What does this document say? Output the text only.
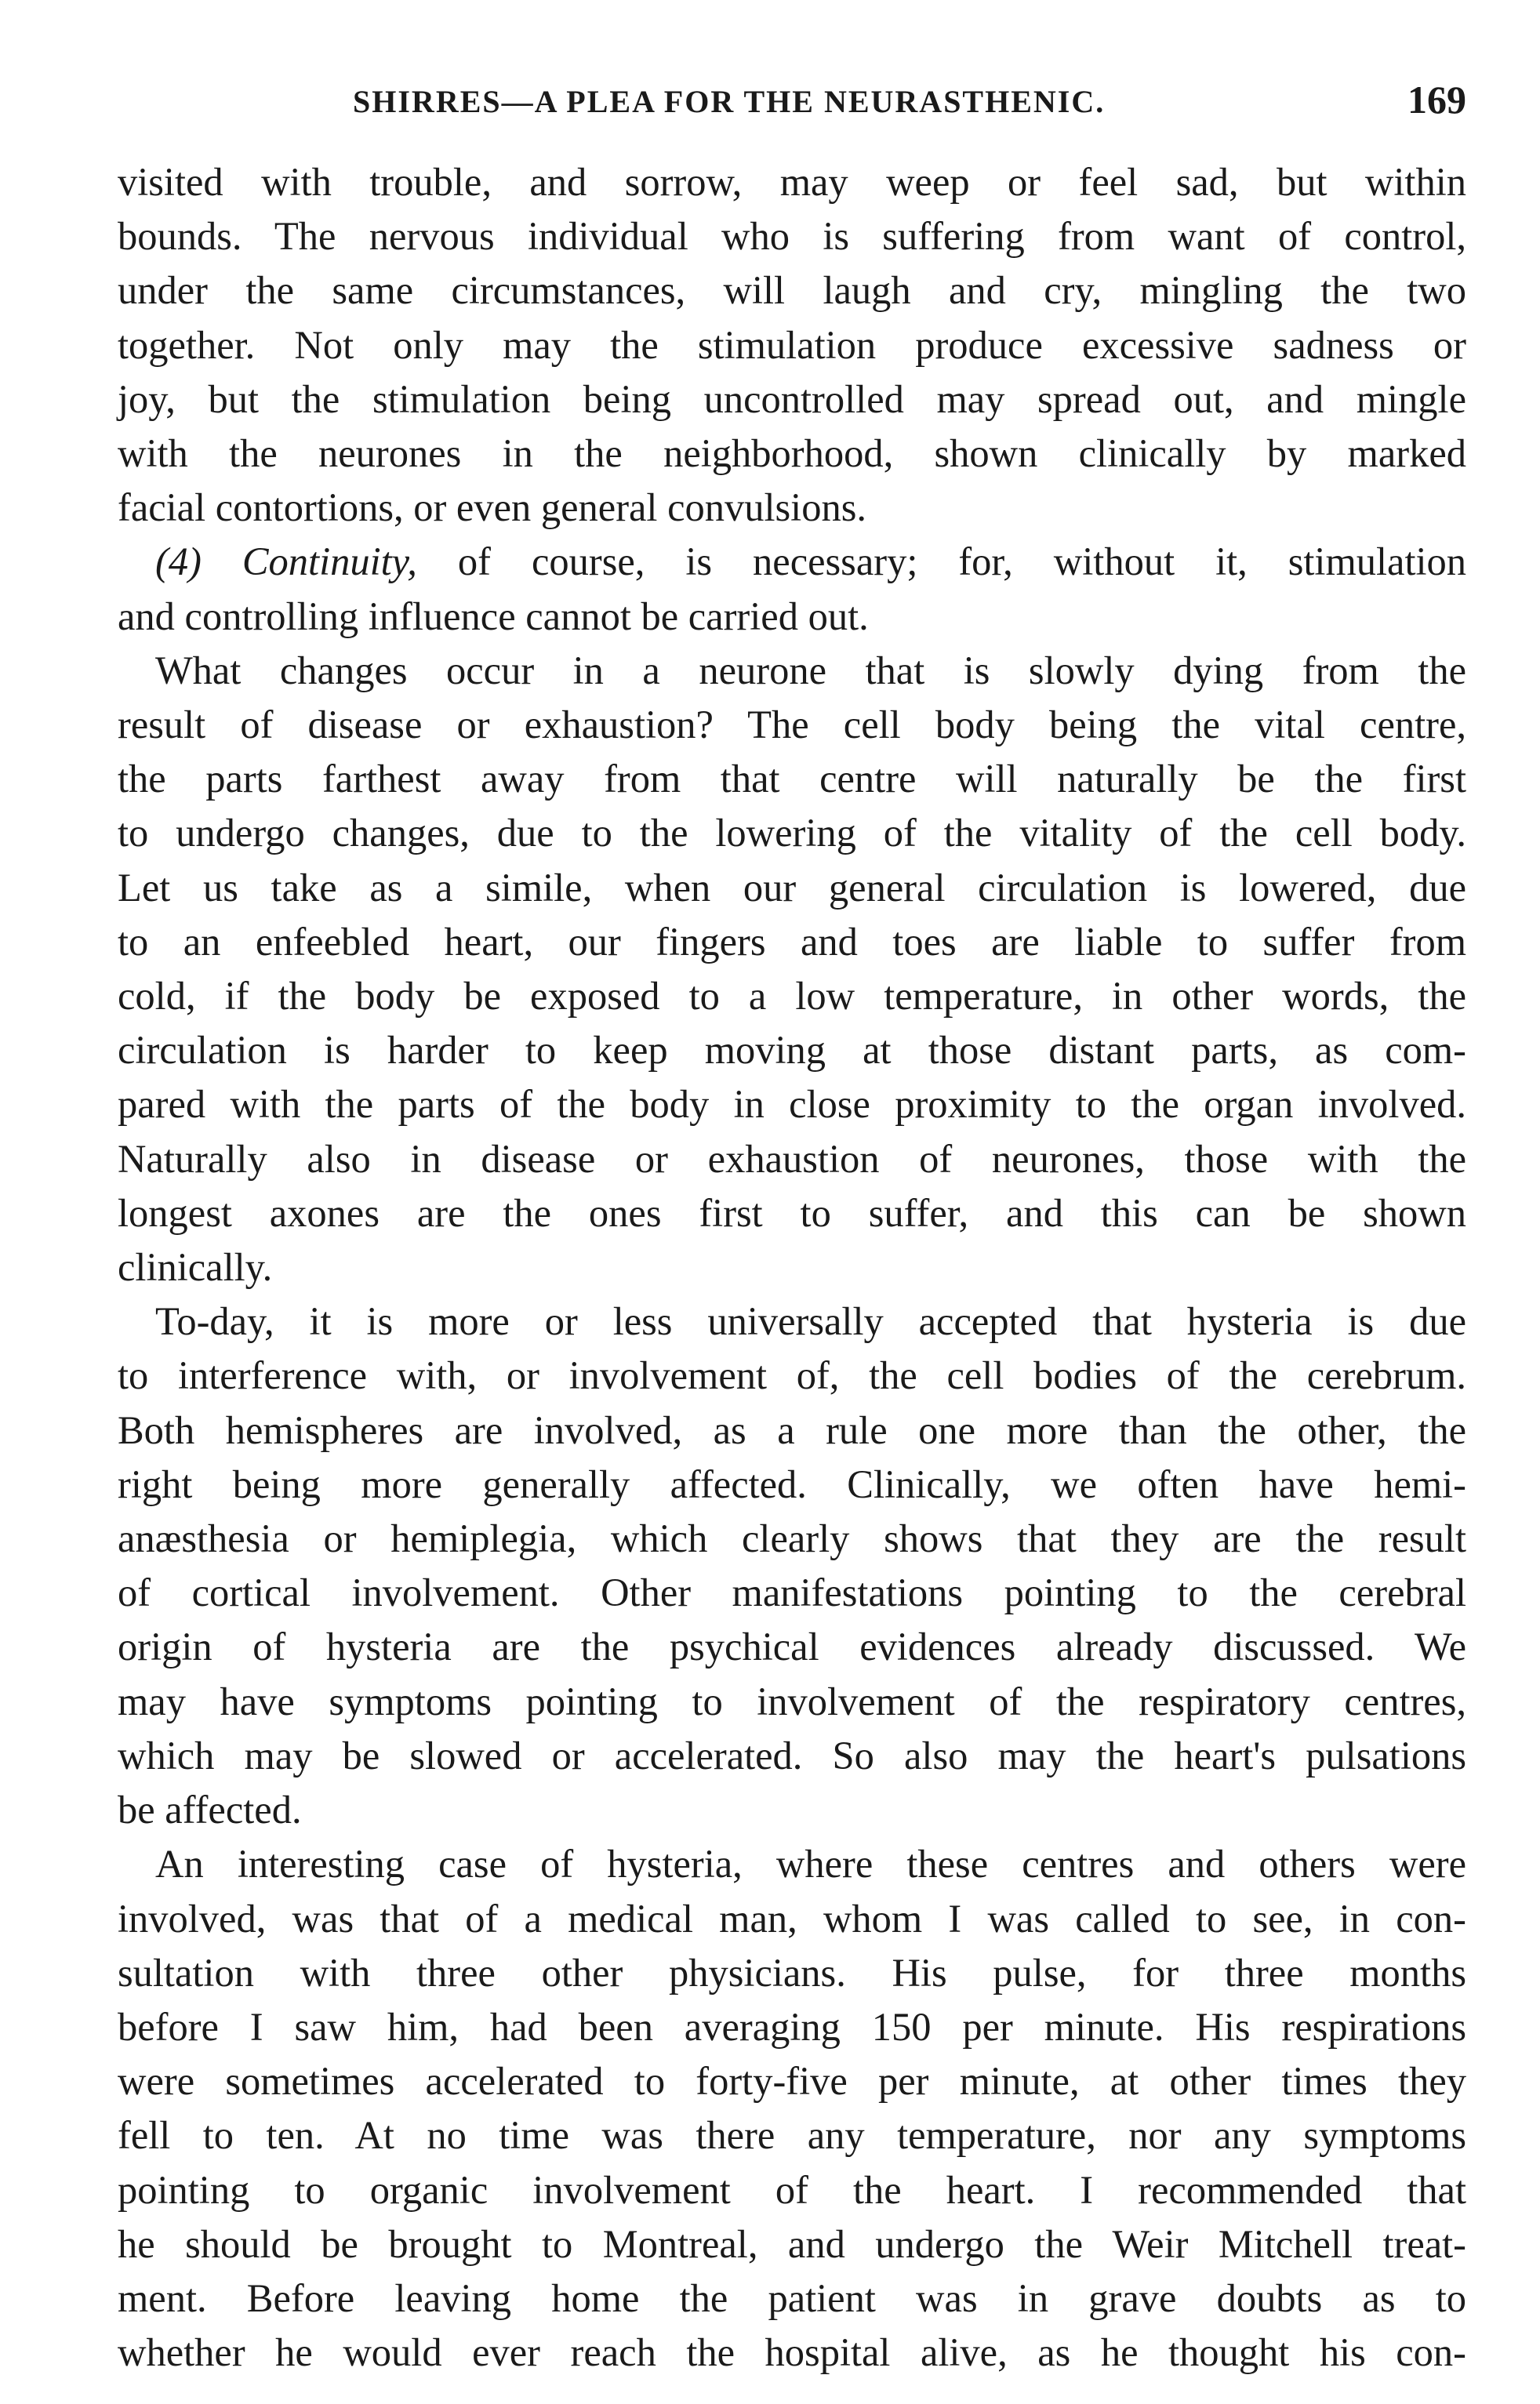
SHIRRES—A PLEA FOR THE NEURASTHENIC.	169

visited with trouble, and sorrow, may weep or feel sad, but within
bounds. The nervous individual who is suffering from want of control,
under the same circumstances, will laugh and cry, mingling the two
together. Not only may the stimulation produce excessive sadness or
joy, but the stimulation being uncontrolled may spread out, and mingle
with the neurones in the neighborhood, shown clinically by marked
facial contortions, or even general convulsions.

(4) Continuity, of course, is necessary; for, without it, stimulation
and controlling influence cannot be carried out.

What changes occur in a neurone that is slowly dying from the
result of disease or exhaustion? The cell body being the vital centre,
the parts farthest away from that centre will naturally be the first
to undergo changes, due to the lowering of the vitality of the cell body.
Let us take as a simile, when our general circulation is lowered, due
to an enfeebled heart, our fingers and toes are liable to suffer from
cold, if the body be exposed to a low temperature, in other words, the
circulation is harder to keep moving at those distant parts, as com-
pared with the parts of the body in close proximity to the organ involved.
Naturally also in disease or exhaustion of neurones, those with the
longest axones are the ones first to suffer, and this can be shown
clinically.

To-day, it is more or less universally accepted that hysteria is due
to interference with, or involvement of, the cell bodies of the cerebrum.
Both hemispheres are involved, as a rule one more than the other, the
right being more generally affected. Clinically, we often have hemi-
anæsthesia or hemiplegia, which clearly shows that they are the result
of cortical involvement. Other manifestations pointing to the cerebral
origin of hysteria are the psychical evidences already discussed. We
may have symptoms pointing to involvement of the respiratory centres,
which may be slowed or accelerated. So also may the heart's pulsations
be affected.

An interesting case of hysteria, where these centres and others were
involved, was that of a medical man, whom I was called to see, in con-
sultation with three other physicians. His pulse, for three months
before I saw him, had been averaging 150 per minute. His respirations
were sometimes accelerated to forty-five per minute, at other times they
fell to ten. At no time was there any temperature, nor any symptoms
pointing to organic involvement of the heart. I recommended that
he should be brought to Montreal, and undergo the Weir Mitchell treat-
ment. Before leaving home the patient was in grave doubts as to
whether he would ever reach the hospital alive, as he thought his con-
